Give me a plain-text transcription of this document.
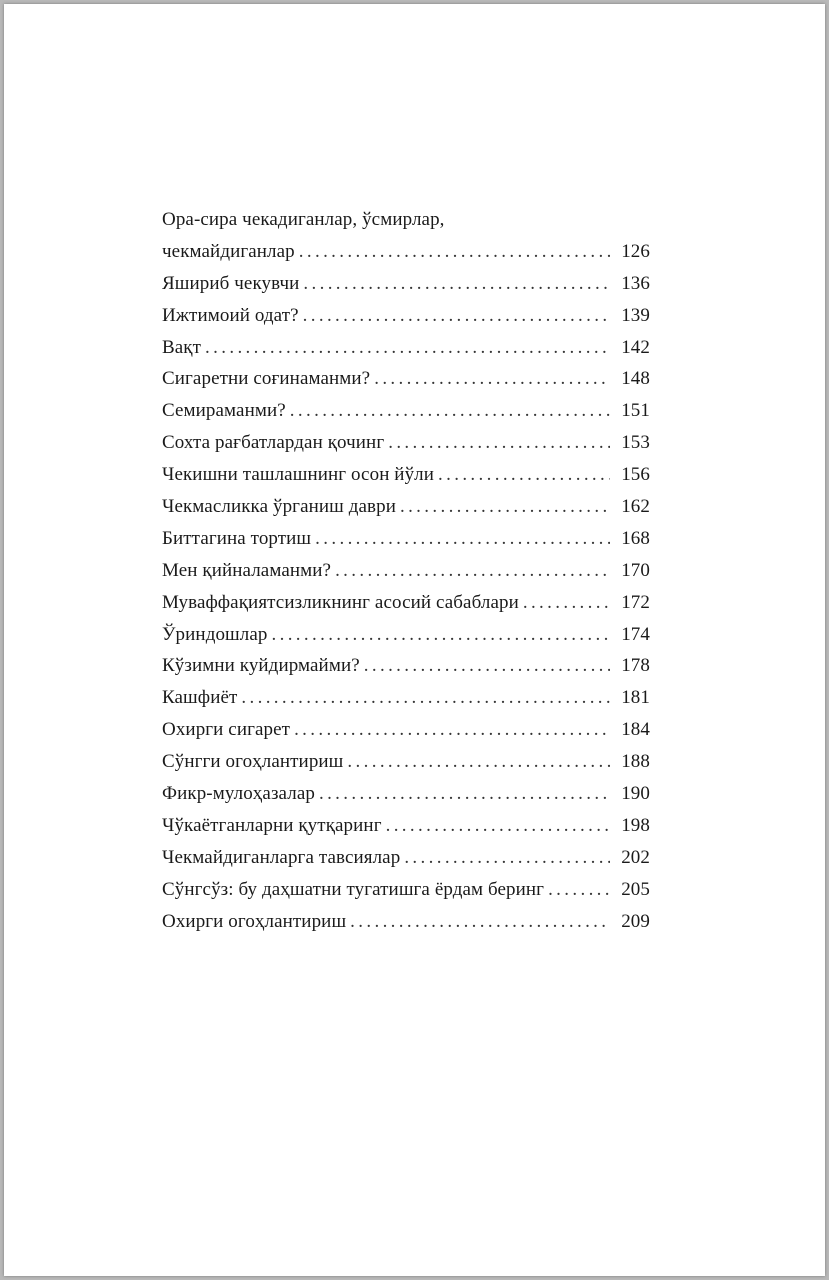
Ора-сира чекадиганлар, ўсмирлар,
чекмайдиганлар . . .	126
Яшириб чекувчи . . .	136
Ижтимоий одат? . . .	139
Вақт . . .	142
Сигаретни соғинаманми? . . .	148
Семираманми? . . .	151
Сохта рағбатлардан қочинг . . .	153
Чекишни ташлашнинг осон йўли . . .	156
Чекмасликка ўрганиш даври . . .	162
Биттагина тортиш . . .	168
Мен қийналаманми? . . .	170
Муваффақиятсизликнинг асосий сабаблари . . .	172
Ўриндошлар . . .	174
Кўзимни куйдирмайми? . . .	178
Кашфиёт . . .	181
Охирги сигарет . . .	184
Сўнгги огоҳлантириш . . .	188
Фикр-мулоҳазалар . . .	190
Чўкаётганларни қутқаринг . . .	198
Чекмайдиганларга тавсиялар . . .	202
Сўнгсўз: бу даҳшатни тугатишга ёрдам беринг . . .	205
Охирги огоҳлантириш . . .	209
